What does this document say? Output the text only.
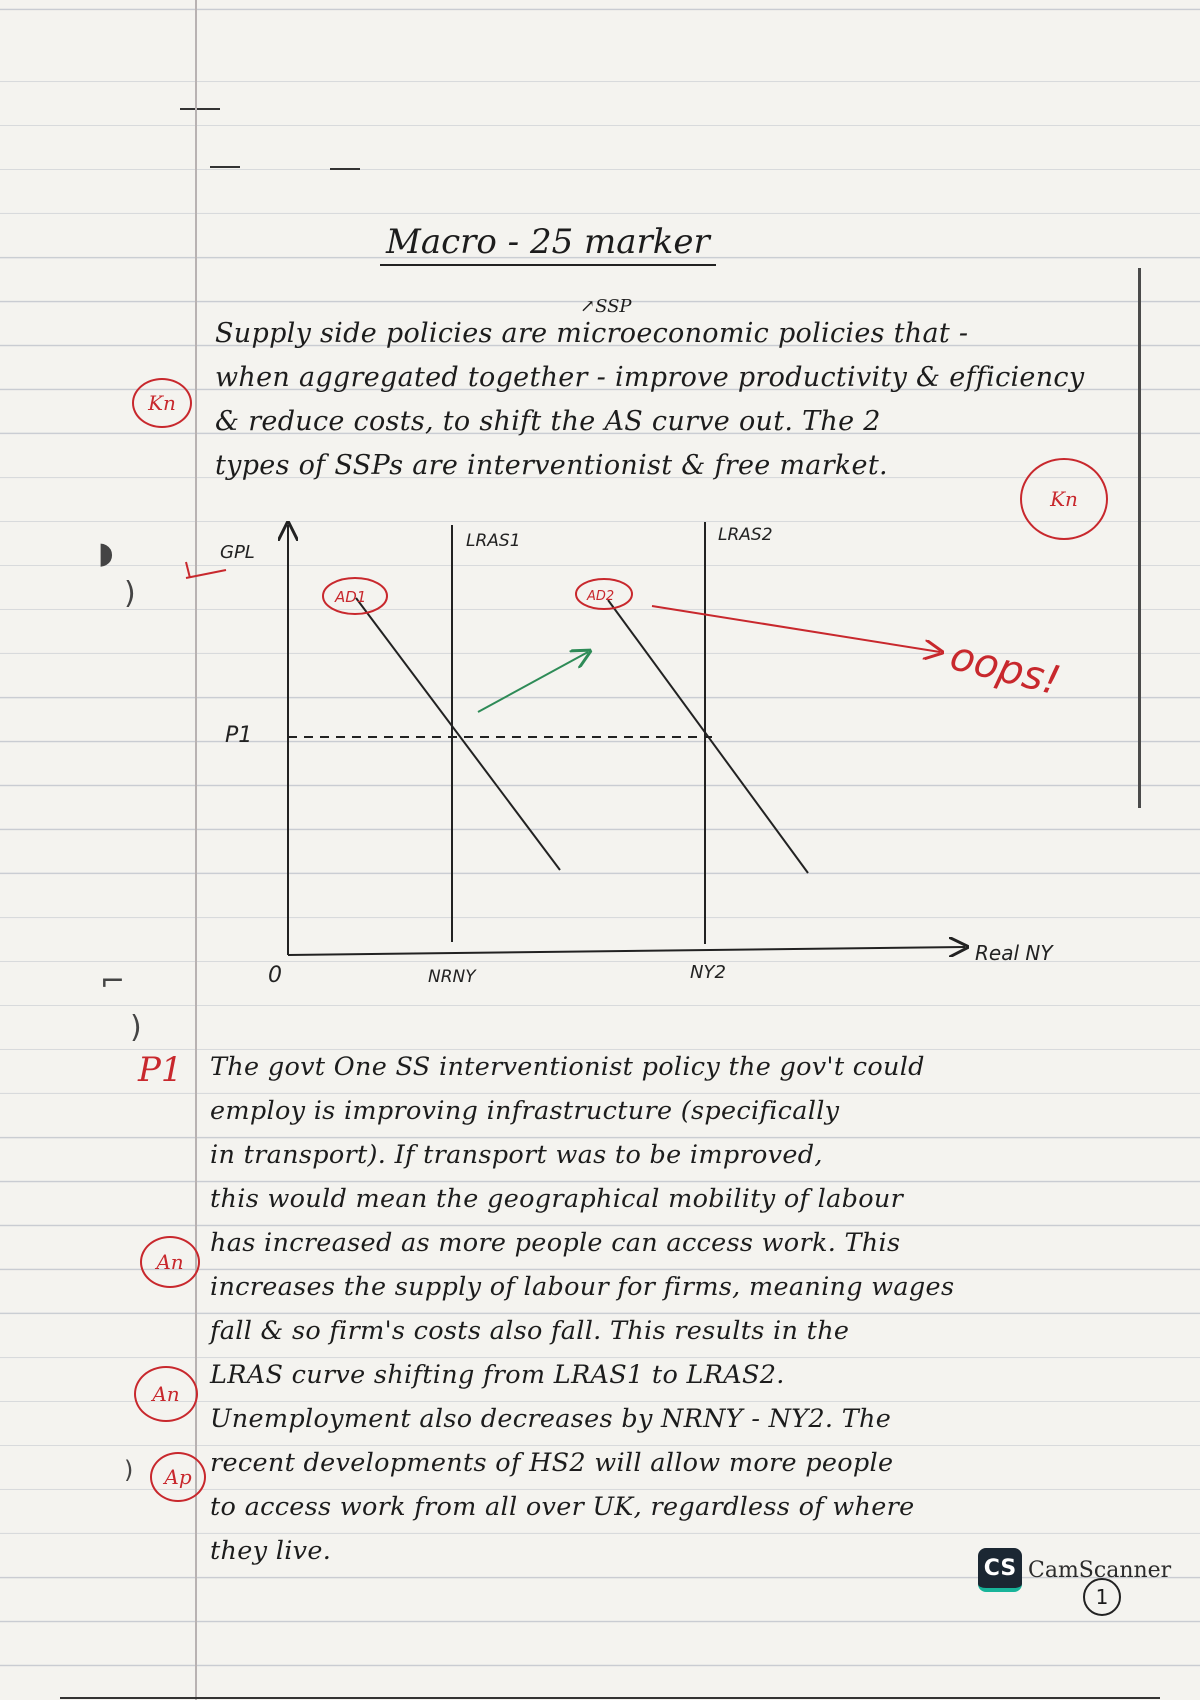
◗
)
⌐
)
Macro - 25 marker
↗SSP
Supply side policies are microeconomic policies that -
when aggregated together - improve productivity & efficiency
& reduce costs, to shift the AS curve out. The 2
types of SSPs are interventionist & free market.
Kn
Kn
GPL
Real NY
0
P1
LRAS1	LRAS2
AD1	AD2
oops!
NRNY	NY2
P1 The govt One SS interventionist policy the gov't could
employ is improving infrastructure (specifically
in transport). If transport was to be improved,
this would mean the geographical mobility of labour
has increased as more people can access work. This
increases the supply of labour for firms, meaning wages
fall & so firm's costs also fall. This results in the
LRAS curve shifting from LRAS1 to LRAS2.
Unemployment also decreases by NRNY - NY2. The
recent developments of HS2 will allow more people
to access work from all over UK, regardless of where
they live.
An
An
Ap
)
1
CS CamScanner
